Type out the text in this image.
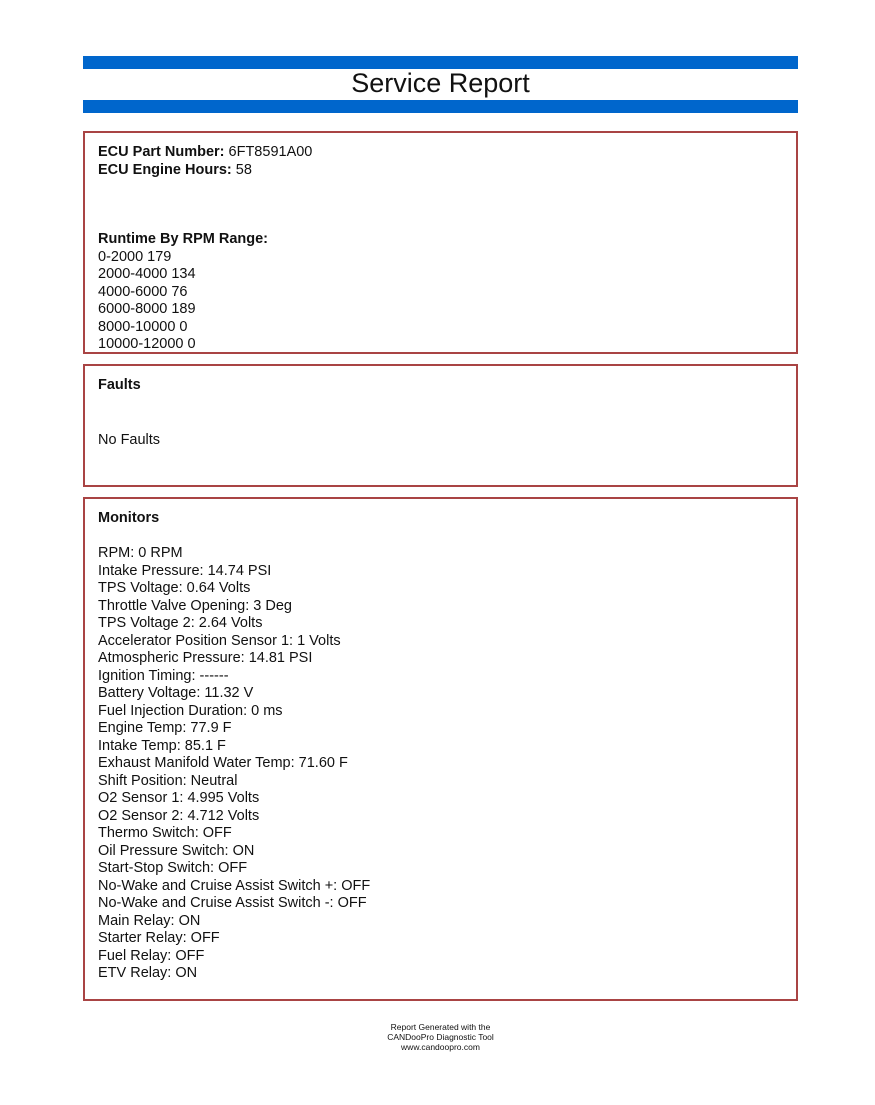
Service Report
ECU Part Number: 6FT8591A00
ECU Engine Hours: 58
Runtime By RPM Range:
0-2000 179
2000-4000 134
4000-6000 76
6000-8000 189
8000-10000 0
10000-12000 0
Faults
No Faults
Monitors
RPM: 0 RPM
Intake Pressure: 14.74 PSI
TPS Voltage: 0.64 Volts
Throttle Valve Opening: 3 Deg
TPS Voltage 2: 2.64 Volts
Accelerator Position Sensor 1: 1 Volts
Atmospheric Pressure: 14.81 PSI
Ignition Timing: ------
Battery Voltage: 11.32 V
Fuel Injection Duration: 0 ms
Engine Temp: 77.9 F
Intake Temp: 85.1 F
Exhaust Manifold Water Temp: 71.60 F
Shift Position: Neutral
O2 Sensor 1: 4.995 Volts
O2 Sensor 2: 4.712 Volts
Thermo Switch: OFF
Oil Pressure Switch: ON
Start-Stop Switch: OFF
No-Wake and Cruise Assist Switch +: OFF
No-Wake and Cruise Assist Switch -: OFF
Main Relay: ON
Starter Relay: OFF
Fuel Relay: OFF
ETV Relay: ON
Report Generated with the
CANDooPro Diagnostic Tool
www.candoopro.com
